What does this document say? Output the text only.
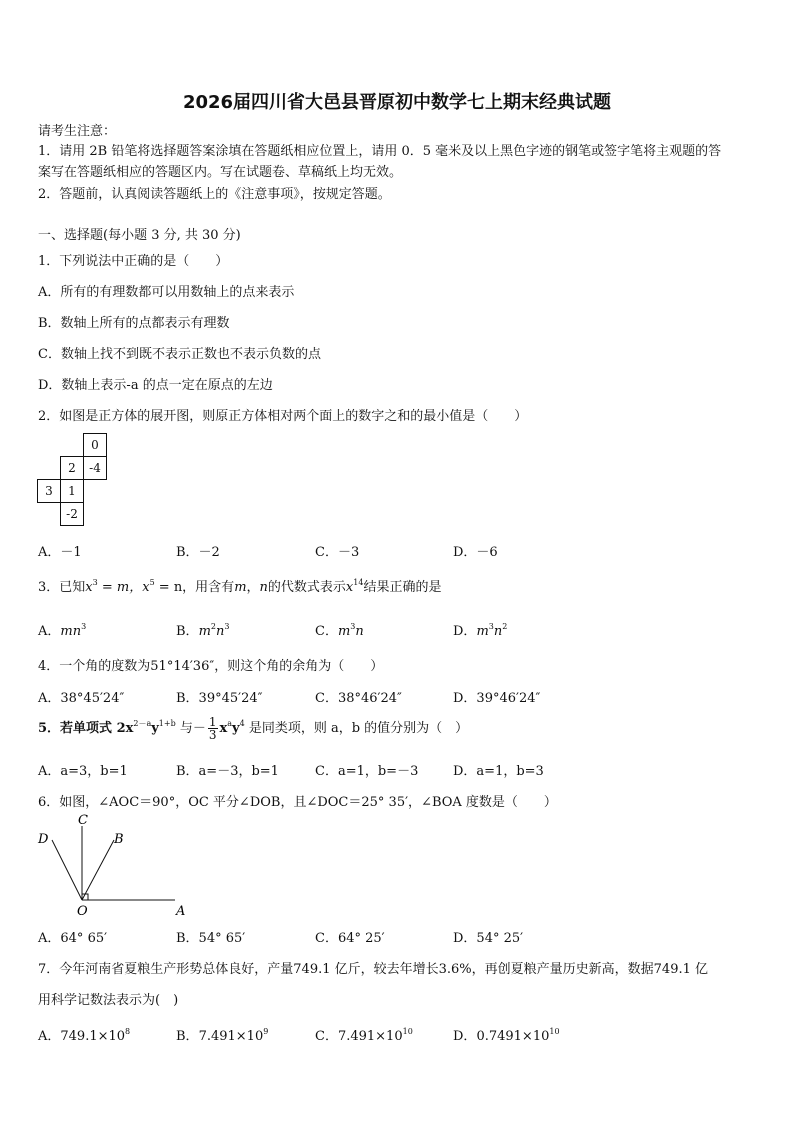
2026届四川省大邑县晋原初中数学七上期末经典试题
请考生注意：
1．请用 2B 铅笔将选择题答案涂填在答题纸相应位置上，请用 0．5 毫米及以上黑色字迹的钢笔或签字笔将主观题的答
案写在答题纸相应的答题区内。写在试题卷、草稿纸上均无效。
2．答题前，认真阅读答题纸上的《注意事项》，按规定答题。
一、选择题(每小题 3 分, 共 30 分)
1．下列说法中正确的是（　　）
A．所有的有理数都可以用数轴上的点来表示
B．数轴上所有的点都表示有理数
C．数轴上找不到既不表示正数也不表示负数的点
D．数轴上表示-a 的点一定在原点的左边
2．如图是正方体的展开图，则原正方体相对两个面上的数字之和的最小值是（　　）
		0
	2	-4
3	1	
	-2	
A．－1	B．－2	C．－3	D．－6
3．已知$x^3 = m$，$x^5 = n$，用含有m，n的代数式表示$x^{14}$结果正确的是
A．$mn^3$	B．$m^2n^3$	C．$m^3n$	D．$m^3n^2$
4．一个角的度数为51°14′36″，则这个角的余角为（　　）
A．38°45′24″	B．39°45′24″	C．38°46′24″	D．39°46′24″
5．若单项式 $2x^{2-a}y^{1+b}$ 与－ $\frac{1}{3} x^ay^4$ 是同类项，则 a，b 的值分别为（　）
A．a=3，b=1	B．a=－3，b=1	C．a=1，b=－3	D．a=1，b=3
6．如图，∠AOC＝90°，OC 平分∠DOB，且∠DOC＝25° 35′，∠BOA 度数是（　　）
C
D	B
O	A
A．64° 65′	B．54° 65′	C．64° 25′	D．54° 25′
7．今年河南省夏粮生产形势总体良好，产量749.1 亿斤，较去年增长3.6%，再创夏粮产量历史新高，数据749.1 亿
用科学记数法表示为(　)
A．$749.1\times 10^8$	B．$7.491\times 10^9$	C．$7.491\times 10^{10}$	D．$0.7491\times 10^{10}$
